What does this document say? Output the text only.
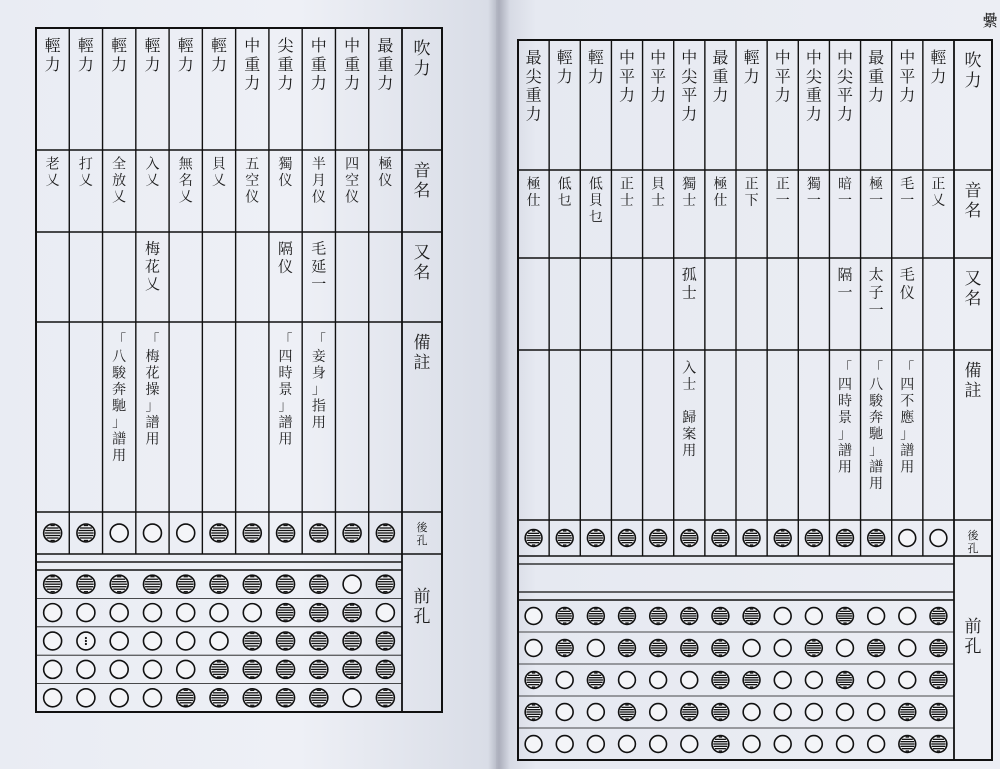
吹力
音名
又名
備註
後孔
前孔
輕力
老乂
輕力
打乂
輕力
全放乂
「八駿奔馳」譜用
輕力
入乂
梅花乂
「梅花操」譜用
輕力
無名乂
輕力
貝乂
中重力
五空仪
尖重力
獨仪
隔仪
「四時景」譜用
中重力
半月仪
毛延一
「妾身」指用
中重力
四空仪
最重力
極仪
吹力
音名
又名
備註
後孔
前孔
最尖重力
極仕
輕力
低乜
輕力
低貝乜
中平力
正士
中平力
貝士
中尖平力
獨士
孤士
入士 歸案用
最重力
極仕
輕力
正下
中平力
正一
中尖重力
獨一
中尖平力
暗一
隔一
「四時景」譜用
最重力
極一
太子一
「八駿奔馳」譜用
中平力
毛一
毛仪
「四不應」譜用
輕力
正乂
纍
